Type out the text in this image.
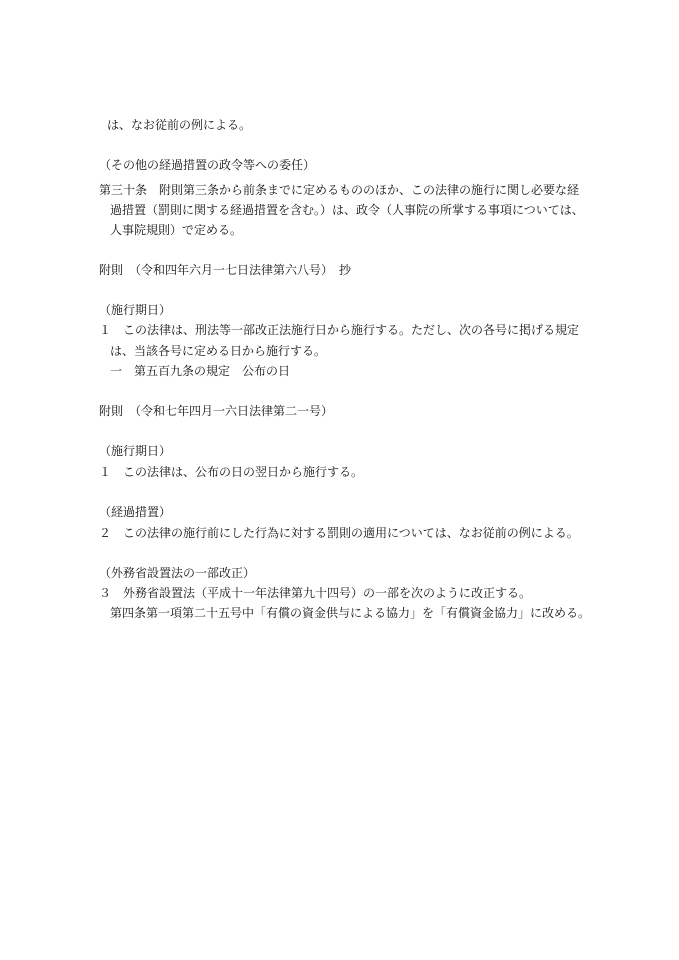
は、なお従前の例による。
（その他の経過措置の政令等への委任）
第三十条　附則第三条から前条までに定めるもののほか、この法律の施行に関し必要な経
過措置（罰則に関する経過措置を含む。）は、政令（人事院の所掌する事項については、
人事院規則）で定める。
附則　（令和四年六月一七日法律第六八号）　抄
（施行期日）
１　この法律は、刑法等一部改正法施行日から施行する。ただし、次の各号に掲げる規定
は、当該各号に定める日から施行する。
一　第五百九条の規定　公布の日
附則　（令和七年四月一六日法律第二一号）
（施行期日）
１　この法律は、公布の日の翌日から施行する。
（経過措置）
２　この法律の施行前にした行為に対する罰則の適用については、なお従前の例による。
（外務省設置法の一部改正）
３　外務省設置法（平成十一年法律第九十四号）の一部を次のように改正する。
第四条第一項第二十五号中「有償の資金供与による協力」を「有償資金協力」に改める。
